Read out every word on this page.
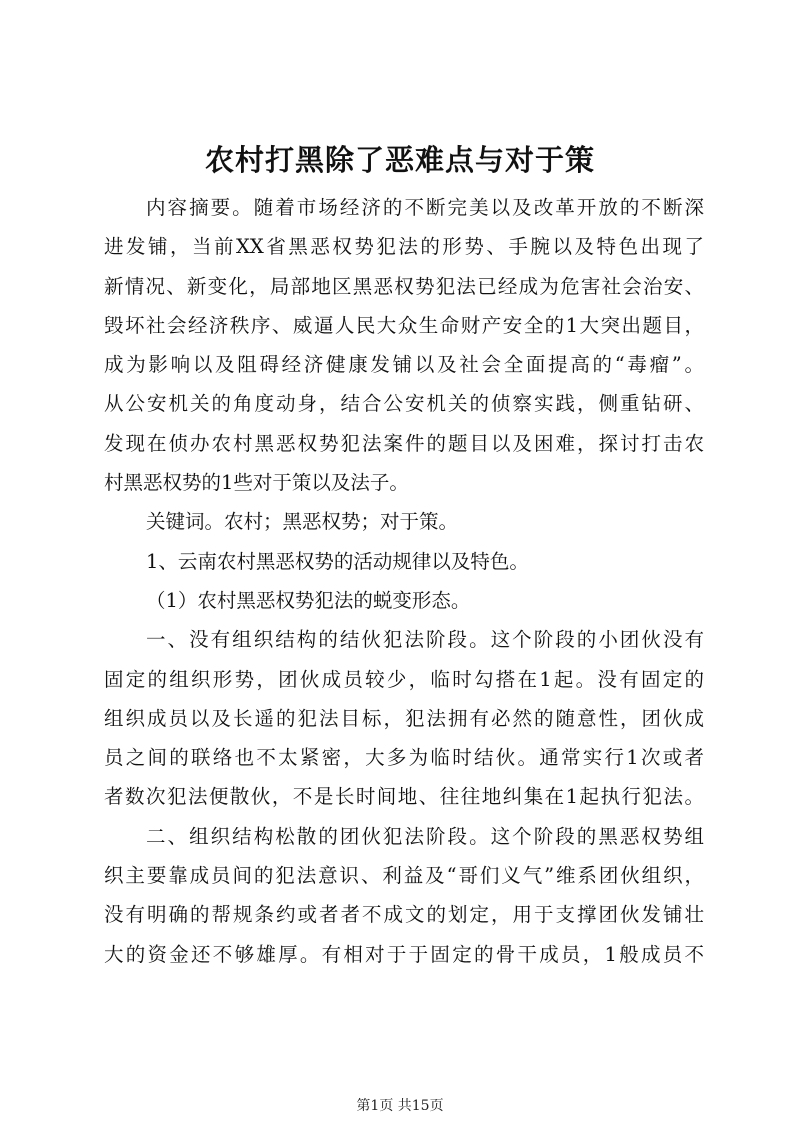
农村打黑除了恶难点与对于策
内容摘要。随着市场经济的不断完美以及改革开放的不断深
进发铺，当前XX省黑恶权势犯法的形势、手腕以及特色出现了
新情况、新变化，局部地区黑恶权势犯法已经成为危害社会治安、
毁坏社会经济秩序、威逼人民大众生命财产安全的1大突出题目，
成为影响以及阻碍经济健康发铺以及社会全面提高的“毒瘤”。
从公安机关的角度动身，结合公安机关的侦察实践，侧重钻研、
发现在侦办农村黑恶权势犯法案件的题目以及困难，探讨打击农
村黑恶权势的1些对于策以及法子。
关键词。农村；黑恶权势；对于策。
1、云南农村黑恶权势的活动规律以及特色。
（1）农村黑恶权势犯法的蜕变形态。
一、没有组织结构的结伙犯法阶段。这个阶段的小团伙没有
固定的组织形势，团伙成员较少，临时勾搭在1起。没有固定的
组织成员以及长遥的犯法目标，犯法拥有必然的随意性，团伙成
员之间的联络也不太紧密，大多为临时结伙。通常实行1次或者
者数次犯法便散伙，不是长时间地、往往地纠集在1起执行犯法。
二、组织结构松散的团伙犯法阶段。这个阶段的黑恶权势组
织主要靠成员间的犯法意识、利益及“哥们义气”维系团伙组织，
没有明确的帮规条约或者者不成文的划定，用于支撑团伙发铺壮
大的资金还不够雄厚。有相对于于固定的骨干成员，1般成员不
第1页 共15页
